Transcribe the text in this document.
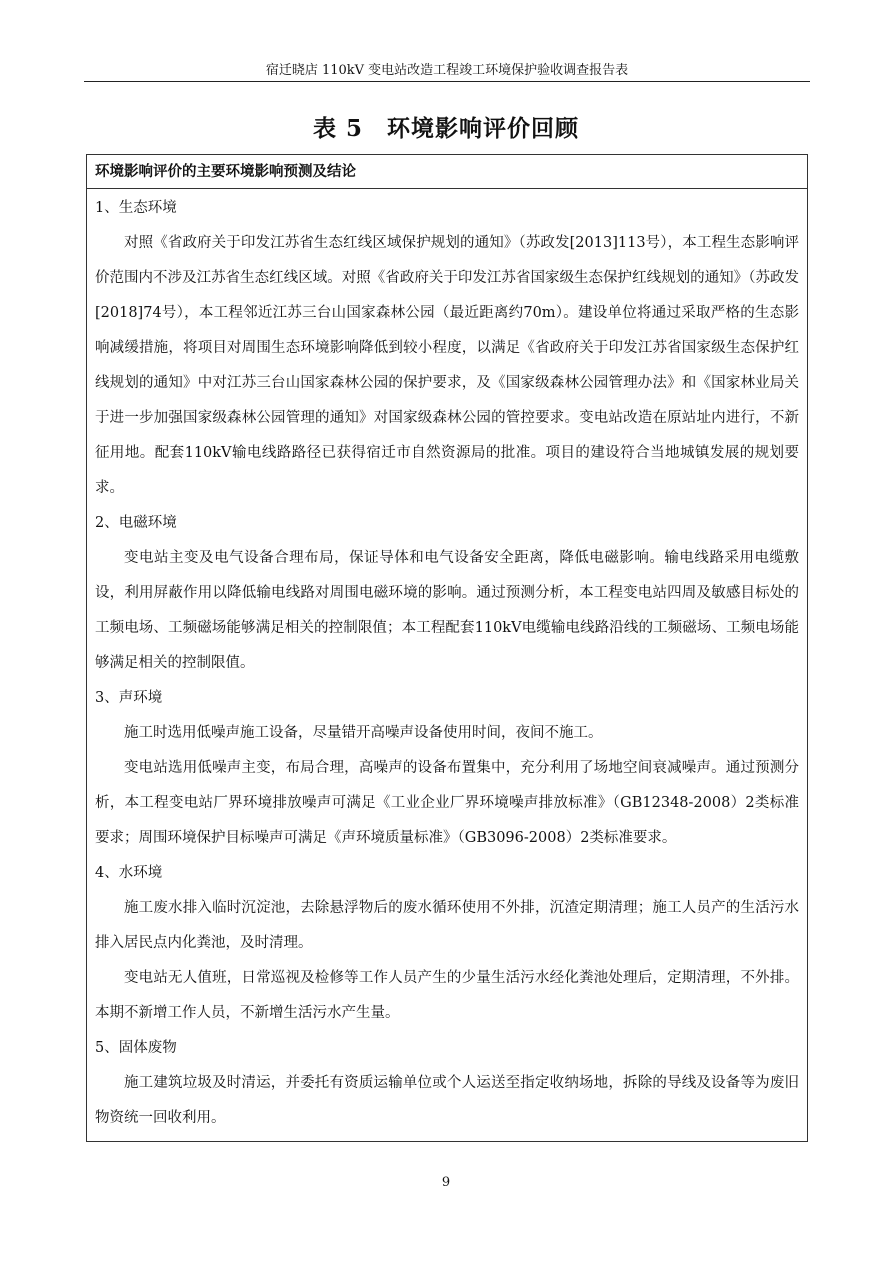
宿迁晓店 110kV 变电站改造工程竣工环境保护验收调查报告表
表 5　环境影响评价回顾
环境影响评价的主要环境影响预测及结论

1、生态环境

对照《省政府关于印发江苏省生态红线区域保护规划的通知》（苏政发[2013]113号），本工程生态影响评价范围内不涉及江苏省生态红线区域。对照《省政府关于印发江苏省国家级生态保护红线规划的通知》（苏政发[2018]74号），本工程邻近江苏三台山国家森林公园（最近距离约70m）。建设单位将通过采取严格的生态影响减缓措施，将项目对周围生态环境影响降低到较小程度，以满足《省政府关于印发江苏省国家级生态保护红线规划的通知》中对江苏三台山国家森林公园的保护要求，及《国家级森林公园管理办法》和《国家林业局关于进一步加强国家级森林公园管理的通知》对国家级森林公园的管控要求。变电站改造在原站址内进行，不新征用地。配套110kV输电线路路径已获得宿迁市自然资源局的批准。项目的建设符合当地城镇发展的规划要求。

2、电磁环境

变电站主变及电气设备合理布局，保证导体和电气设备安全距离，降低电磁影响。输电线路采用电缆敷设，利用屏蔽作用以降低输电线路对周围电磁环境的影响。通过预测分析，本工程变电站四周及敏感目标处的工频电场、工频磁场能够满足相关的控制限值；本工程配套110kV电缆输电线路沿线的工频磁场、工频电场能够满足相关的控制限值。

3、声环境

施工时选用低噪声施工设备，尽量错开高噪声设备使用时间，夜间不施工。

变电站选用低噪声主变，布局合理，高噪声的设备布置集中，充分利用了场地空间衰减噪声。通过预测分析，本工程变电站厂界环境排放噪声可满足《工业企业厂界环境噪声排放标准》（GB12348-2008）2类标准要求；周围环境保护目标噪声可满足《声环境质量标准》（GB3096-2008）2类标准要求。

4、水环境

施工废水排入临时沉淀池，去除悬浮物后的废水循环使用不外排，沉渣定期清理；施工人员产的生活污水排入居民点内化粪池，及时清理。

变电站无人值班，日常巡视及检修等工作人员产生的少量生活污水经化粪池处理后，定期清理，不外排。本期不新增工作人员，不新增生活污水产生量。

5、固体废物

施工建筑垃圾及时清运，并委托有资质运输单位或个人运送至指定收纳场地，拆除的导线及设备等为废旧物资统一回收利用。

9
